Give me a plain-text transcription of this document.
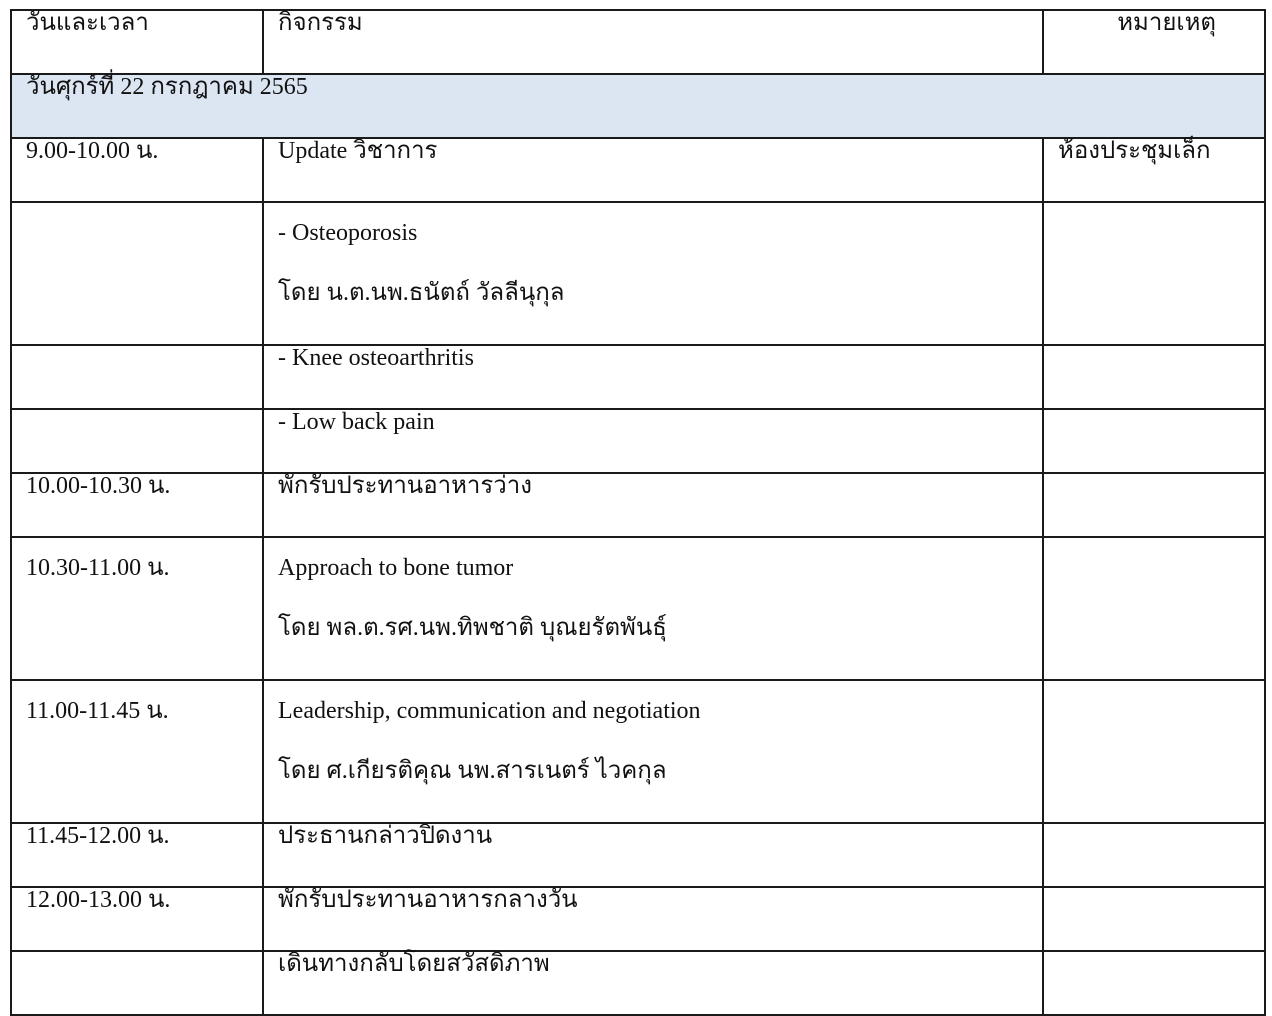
วันและเวลา	กิจกรรม	หมายเหตุ
วันศุกร์ที่ 22 กรกฎาคม 2565		
9.00-10.00 น.	Update วิชาการ	ห้องประชุมเล็ก

	- Osteoporosis
โดย น.ต.นพ.ธนัตถ์ วัลลีนุกุล	

	- Knee osteoarthritis	
	- Low back pain	
10.00-10.30 น.	พักรับประทานอาหารว่าง	
10.30-11.00 น.	Approach to bone tumor
โดย พล.ต.รศ.นพ.ทิพชาติ บุณยรัตพันธุ์	

11.00-11.45 น.	Leadership, communication and negotiation
โดย ศ.เกียรติคุณ นพ.สารเนตร์ ไวคกุล	

11.45-12.00 น.	ประธานกล่าวปิดงาน	
12.00-13.00 น.	พักรับประทานอาหารกลางวัน	
	เดินทางกลับโดยสวัสดิภาพ	
